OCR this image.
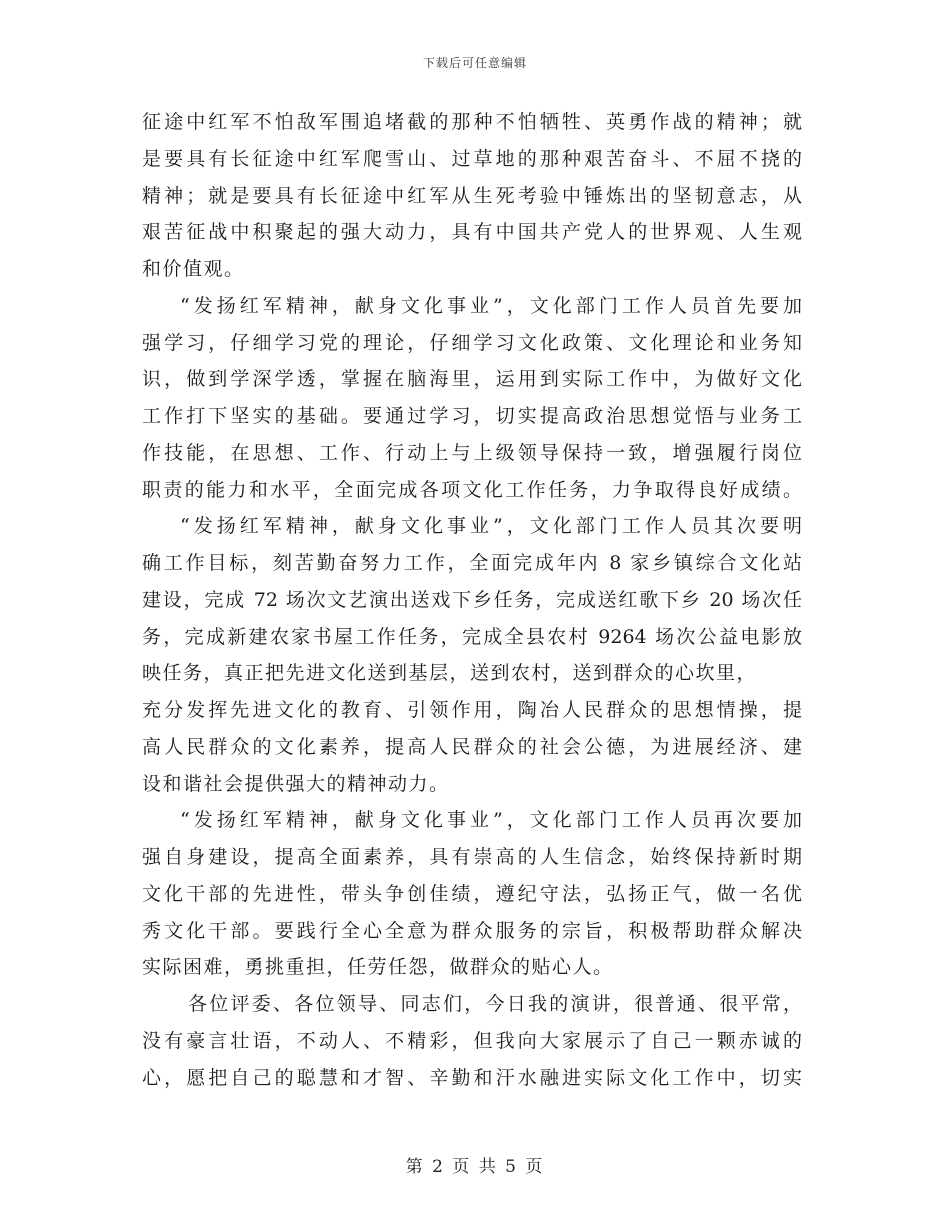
下载后可任意编辑
征途中红军不怕敌军围追堵截的那种不怕牺牲、英勇作战的精神；就
是要具有长征途中红军爬雪山、过草地的那种艰苦奋斗、不屈不挠的
精神；就是要具有长征途中红军从生死考验中锤炼出的坚韧意志，从
艰苦征战中积聚起的强大动力，具有中国共产党人的世界观、人生观
和价值观。
“发扬红军精神，献身文化事业”，文化部门工作人员首先要加
强学习，仔细学习党的理论，仔细学习文化政策、文化理论和业务知
识，做到学深学透，掌握在脑海里，运用到实际工作中，为做好文化
工作打下坚实的基础。要通过学习，切实提高政治思想觉悟与业务工
作技能，在思想、工作、行动上与上级领导保持一致，增强履行岗位
职责的能力和水平，全面完成各项文化工作任务，力争取得良好成绩。
“发扬红军精神，献身文化事业”，文化部门工作人员其次要明
确工作目标，刻苦勤奋努力工作，全面完成年内 8 家乡镇综合文化站
建设，完成 72 场次文艺演出送戏下乡任务，完成送红歌下乡 20 场次任
务，完成新建农家书屋工作任务，完成全县农村 9264 场次公益电影放
映任务，真正把先进文化送到基层，送到农村，送到群众的心坎里，
充分发挥先进文化的教育、引领作用，陶冶人民群众的思想情操，提
高人民群众的文化素养，提高人民群众的社会公德，为进展经济、建
设和谐社会提供强大的精神动力。
“发扬红军精神，献身文化事业”，文化部门工作人员再次要加
强自身建设，提高全面素养，具有崇高的人生信念，始终保持新时期
文化干部的先进性，带头争创佳绩，遵纪守法，弘扬正气，做一名优
秀文化干部。要践行全心全意为群众服务的宗旨，积极帮助群众解决
实际困难，勇挑重担，任劳任怨，做群众的贴心人。
各位评委、各位领导、同志们，今日我的演讲，很普通、很平常，
没有豪言壮语，不动人、不精彩，但我向大家展示了自己一颗赤诚的
心，愿把自己的聪慧和才智、辛勤和汗水融进实际文化工作中，切实
第 2 页 共 5 页
